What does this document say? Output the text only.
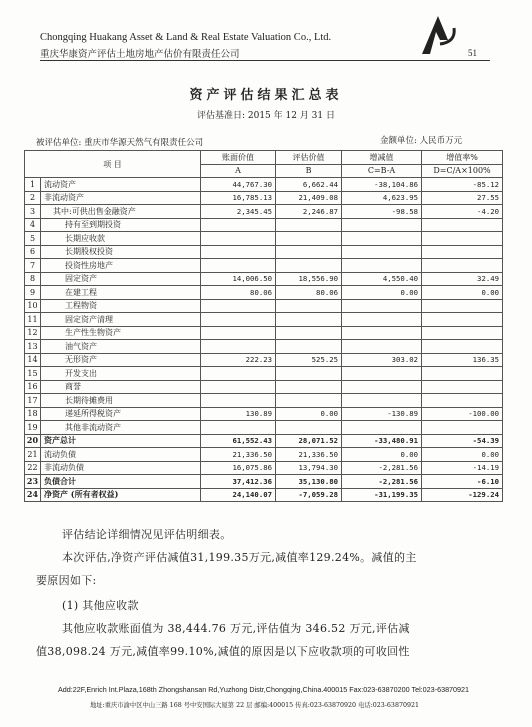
Chongqing Huakang Asset & Land & Real Estate Valuation Co., Ltd.
重庆华康资产评估土地房地产估价有限责任公司	51
资产评估结果汇总表
评估基准日: 2015 年 12 月 31 日
被评估单位: 重庆市华源天然气有限责任公司	金额单位: 人民币万元
项 目		账面价值	评估价值	增减值	增值率%
		A	B	C=B-A	D=C/A×100%
1	流动资产	44,767.30	6,662.44	-38,104.86	-85.12
2	非流动资产	16,785.13	21,409.08	4,623.95	27.55
3	其中:可供出售金融资产	2,345.45	2,246.87	-98.58	-4.20
4	持有至到期投资				
5	长期应收款				
6	长期股权投资				
7	投资性房地产				
8	固定资产	14,006.50	18,556.90	4,550.40	32.49
9	在建工程	80.06	80.06	0.00	0.00
10	工程物资				
11	固定资产清理				
12	生产性生物资产				
13	油气资产				
14	无形资产	222.23	525.25	303.02	136.35
15	开发支出				
16	商誉				
17	长期待摊费用				
18	递延所得税资产	130.89	0.00	-130.89	-100.00
19	其他非流动资产				
20	资产总计	61,552.43	28,071.52	-33,480.91	-54.39
21	流动负债	21,336.50	21,336.50	0.00	0.00
22	非流动负债	16,075.86	13,794.30	-2,281.56	-14.19
23	负债合计	37,412.36	35,130.80	-2,281.56	-6.10
24	净资产 (所有者权益)	24,140.07	-7,059.28	-31,199.35	-129.24
评估结论详细情况见评估明细表。
本次评估,净资产评估减值31,199.35万元,减值率129.24%。减值的主
要原因如下:
(1) 其他应收款
其他应收款账面值为 38,444.76 万元,评估值为 346.52 万元,评估减
值38,098.24 万元,减值率99.10%,减值的原因是以下应收款项的可收回性
Add:22F,Enrich Int.Plaza,168th Zhongshansan Rd,Yuzhong Distr,Chongqing,China.400015 Fax:023-63870200 Tel:023-63870921
地址:重庆市渝中区中山三路 168 号中安国际大厦第 22 层 邮编:400015 传真:023-63870920 电话:023-63870921
